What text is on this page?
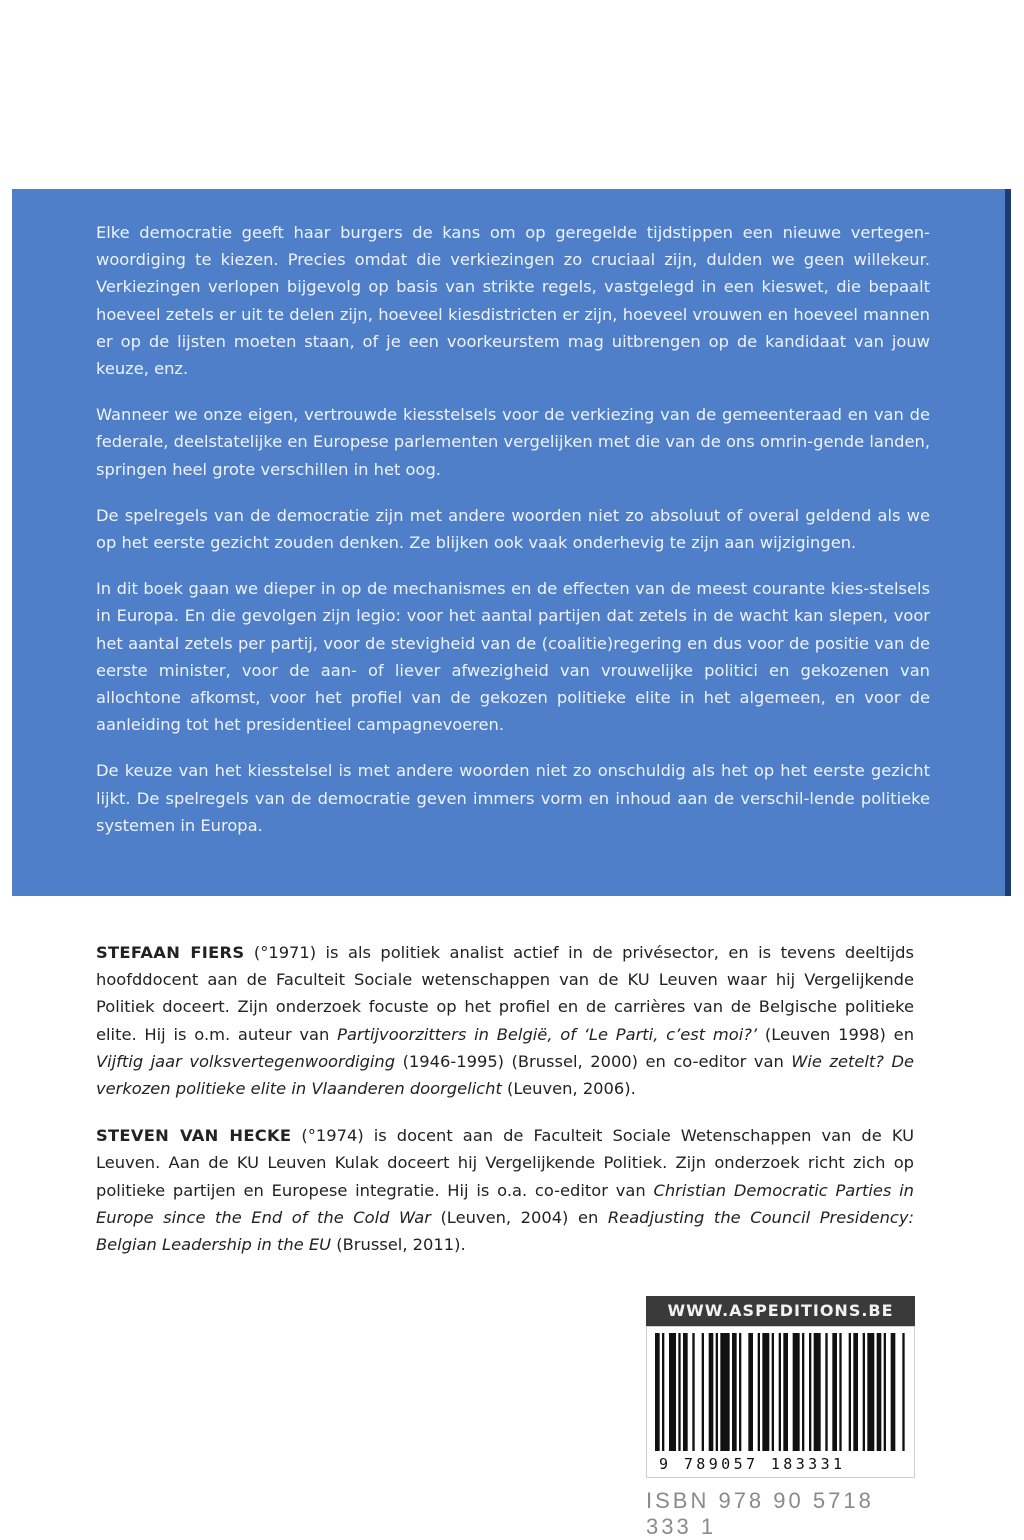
Elke democratie geeft haar burgers de kans om op geregelde tijdstippen een nieuwe vertegen-woordiging te kiezen. Precies omdat die verkiezingen zo cruciaal zijn, dulden we geen willekeur. Verkiezingen verlopen bijgevolg op basis van strikte regels, vastgelegd in een kieswet, die bepaalt hoeveel zetels er uit te delen zijn, hoeveel kiesdistricten er zijn, hoeveel vrouwen en hoeveel mannen er op de lijsten moeten staan, of je een voorkeurstem mag uitbrengen op de kandidaat van jouw keuze, enz.

Wanneer we onze eigen, vertrouwde kiesstelsels voor de verkiezing van de gemeenteraad en van de federale, deelstatelijke en Europese parlementen vergelijken met die van de ons omrin-gende landen, springen heel grote verschillen in het oog.

De spelregels van de democratie zijn met andere woorden niet zo absoluut of overal geldend als we op het eerste gezicht zouden denken. Ze blijken ook vaak onderhevig te zijn aan wijzigingen.

In dit boek gaan we dieper in op de mechanismes en de effecten van de meest courante kies-stelsels in Europa. En die gevolgen zijn legio: voor het aantal partijen dat zetels in de wacht kan slepen, voor het aantal zetels per partij, voor de stevigheid van de (coalitie)regering en dus voor de positie van de eerste minister, voor de aan- of liever afwezigheid van vrouwelijke politici en gekozenen van allochtone afkomst, voor het profiel van de gekozen politieke elite in het algemeen, en voor de aanleiding tot het presidentieel campagnevoeren.

De keuze van het kiesstelsel is met andere woorden niet zo onschuldig als het op het eerste gezicht lijkt. De spelregels van de democratie geven immers vorm en inhoud aan de verschil-lende politieke systemen in Europa.

STEFAAN FIERS (°1971) is als politiek analist actief in de privésector, en is tevens deeltijds hoofddocent aan de Faculteit Sociale wetenschappen van de KU Leuven waar hij Vergelijkende Politiek doceert. Zijn onderzoek focuste op het profiel en de carrières van de Belgische politieke elite. Hij is o.m. auteur van Partijvoorzitters in België, of ‘Le Parti, c’est moi?’ (Leuven 1998) en Vijftig jaar volksvertegenwoordiging (1946-1995) (Brussel, 2000) en co-editor van Wie zetelt? De verkozen politieke elite in Vlaanderen doorgelicht (Leuven, 2006).

STEVEN VAN HECKE (°1974) is docent aan de Faculteit Sociale Wetenschappen van de KU Leuven. Aan de KU Leuven Kulak doceert hij Vergelijkende Politiek. Zijn onderzoek richt zich op politieke partijen en Europese integratie. Hij is o.a. co-editor van Christian Democratic Parties in Europe since the End of the Cold War (Leuven, 2004) en Readjusting the Council Presidency: Belgian Leadership in the EU (Brussel, 2011).

WWW.ASPEDITIONS.BE
9 789057 183331
ISBN 978 90 5718 333 1
